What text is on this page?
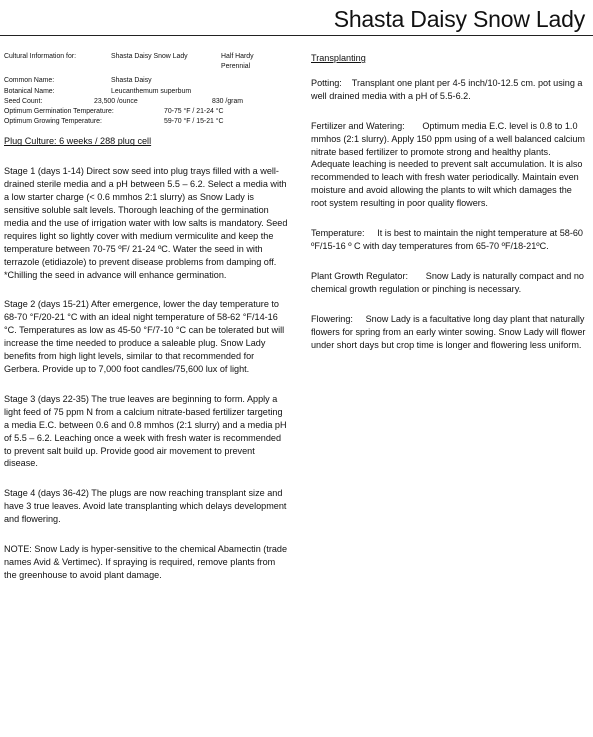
Shasta Daisy Snow Lady
Cultural Information for:	Shasta Daisy Snow Lady	Half Hardy
Perennial
Common Name:	Shasta Daisy
Botanical Name:	Leucanthemum superbum
Seed Count:	23,500 /ounce	830 /gram
Optimum Germination Temperature:	70-75 °F / 21-24 °C
Optimum Growing Temperature:	59-70 °F / 15-21 °C
Plug Culture: 6 weeks / 288 plug cell

Stage 1 (days 1-14) Direct sow seed into plug trays filled with a well-drained sterile media and a pH between 5.5 – 6.2. Select a media with a low starter charge (< 0.6 mmhos 2:1 slurry) as Snow Lady is sensitive soluble salt levels. Thorough leaching of the germination media and the use of irrigation water with low salts is mandatory. Seed requires light so lightly cover with medium vermiculite and keep the temperature between 70-75 ºF/ 21-24 ºC. Water the seed in with terrazole (etidiazole) to prevent disease problems from damping off. *Chilling the seed in advance will enhance germination.

Stage 2 (days 15-21) After emergence, lower the day temperature to 68-70 °F/20-21 °C with an ideal night temperature of 58-62 °F/14-16 °C. Temperatures as low as 45-50 °F/7-10 °C can be tolerated but will increase the time needed to produce a saleable plug. Snow Lady benefits from high light levels, similar to that recommended for Gerbera. Provide up to 7,000 foot candles/75,600 lux of light.

Stage 3 (days 22-35) The true leaves are beginning to form. Apply a light feed of 75 ppm N from a calcium nitrate-based fertilizer targeting a media E.C. between 0.6 and 0.8 mmhos (2:1 slurry) and a media pH of 5.5 – 6.2. Leaching once a week with fresh water is recommended to prevent salt build up. Provide good air movement to prevent disease.

Stage 4 (days 36-42) The plugs are now reaching transplant size and have 3 true leaves. Avoid late transplanting which delays development and flowering.

NOTE: Snow Lady is hyper-sensitive to the chemical Abamectin (trade names Avid & Vertimec). If spraying is required, remove plants from the greenhouse to avoid plant damage.

Transplanting

Potting: Transplant one plant per 4-5 inch/10-12.5 cm. pot using a well drained media with a pH of 5.5-6.2.

Fertilizer and Watering: Optimum media E.C. level is 0.8 to 1.0 mmhos (2:1 slurry). Apply 150 ppm using of a well balanced calcium nitrate based fertilizer to promote strong and healthy plants. Adequate leaching is needed to prevent salt accumulation. It is also recommended to leach with fresh water periodically. Maintain even moisture and avoid allowing the plants to wilt which damages the root system resulting in poor quality flowers.

Temperature: It is best to maintain the night temperature at 58-60 ºF/15-16 º C with day temperatures from 65-70 ºF/18-21ºC.

Plant Growth Regulator: Snow Lady is naturally compact and no chemical growth regulation or pinching is necessary.

Flowering: Snow Lady is a facultative long day plant that naturally flowers for spring from an early winter sowing. Snow Lady will flower under short days but crop time is longer and flowering less uniform.
